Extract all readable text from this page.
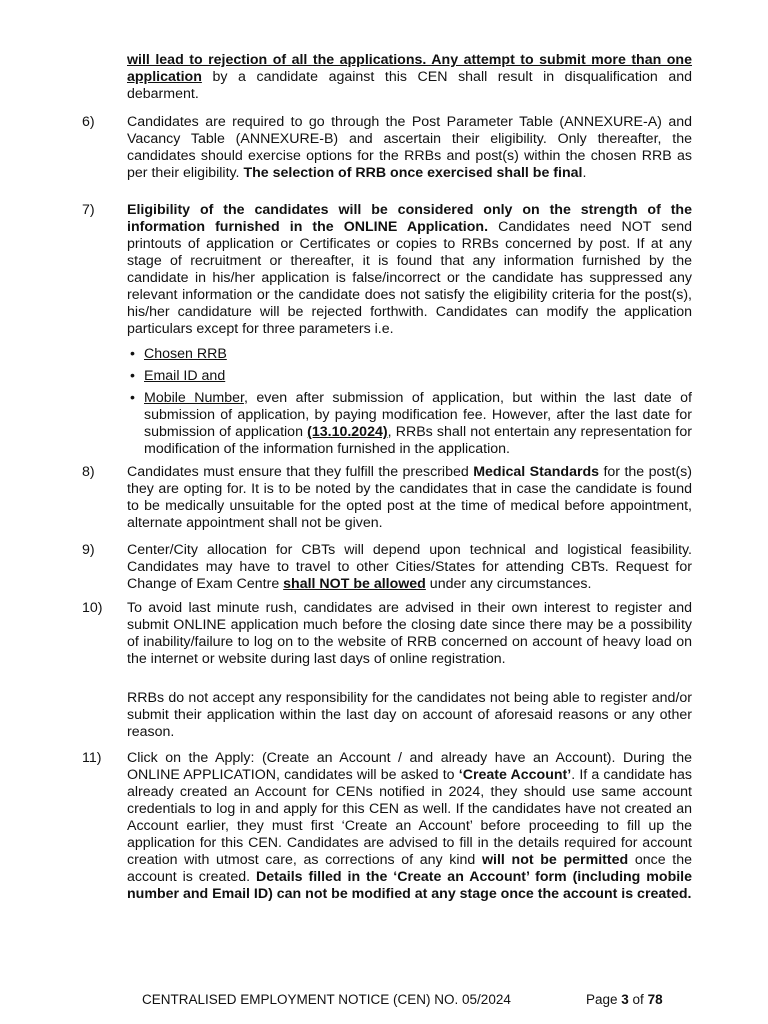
will lead to rejection of all the applications. Any attempt to submit more than one application by a candidate against this CEN shall result in disqualification and debarment.
6) Candidates are required to go through the Post Parameter Table (ANNEXURE-A) and Vacancy Table (ANNEXURE-B) and ascertain their eligibility. Only thereafter, the candidates should exercise options for the RRBs and post(s) within the chosen RRB as per their eligibility. The selection of RRB once exercised shall be final.
7) Eligibility of the candidates will be considered only on the strength of the information furnished in the ONLINE Application. Candidates need NOT send printouts of application or Certificates or copies to RRBs concerned by post. If at any stage of recruitment or thereafter, it is found that any information furnished by the candidate in his/her application is false/incorrect or the candidate has suppressed any relevant information or the candidate does not satisfy the eligibility criteria for the post(s), his/her candidature will be rejected forthwith. Candidates can modify the application particulars except for three parameters i.e.
• Chosen RRB
• Email ID and
• Mobile Number, even after submission of application, but within the last date of submission of application, by paying modification fee. However, after the last date for submission of application (13.10.2024), RRBs shall not entertain any representation for modification of the information furnished in the application.
8) Candidates must ensure that they fulfill the prescribed Medical Standards for the post(s) they are opting for. It is to be noted by the candidates that in case the candidate is found to be medically unsuitable for the opted post at the time of medical before appointment, alternate appointment shall not be given.
9) Center/City allocation for CBTs will depend upon technical and logistical feasibility. Candidates may have to travel to other Cities/States for attending CBTs. Request for Change of Exam Centre shall NOT be allowed under any circumstances.
10) To avoid last minute rush, candidates are advised in their own interest to register and submit ONLINE application much before the closing date since there may be a possibility of inability/failure to log on to the website of RRB concerned on account of heavy load on the internet or website during last days of online registration.
RRBs do not accept any responsibility for the candidates not being able to register and/or submit their application within the last day on account of aforesaid reasons or any other reason.
11) Click on the Apply: (Create an Account / and already have an Account). During the ONLINE APPLICATION, candidates will be asked to ‘Create Account’. If a candidate has already created an Account for CENs notified in 2024, they should use same account credentials to log in and apply for this CEN as well. If the candidates have not created an Account earlier, they must first ‘Create an Account’ before proceeding to fill up the application for this CEN. Candidates are advised to fill in the details required for account creation with utmost care, as corrections of any kind will not be permitted once the account is created. Details filled in the ‘Create an Account’ form (including mobile number and Email ID) can not be modified at any stage once the account is created.
CENTRALISED EMPLOYMENT NOTICE (CEN) NO. 05/2024	Page 3 of 78
